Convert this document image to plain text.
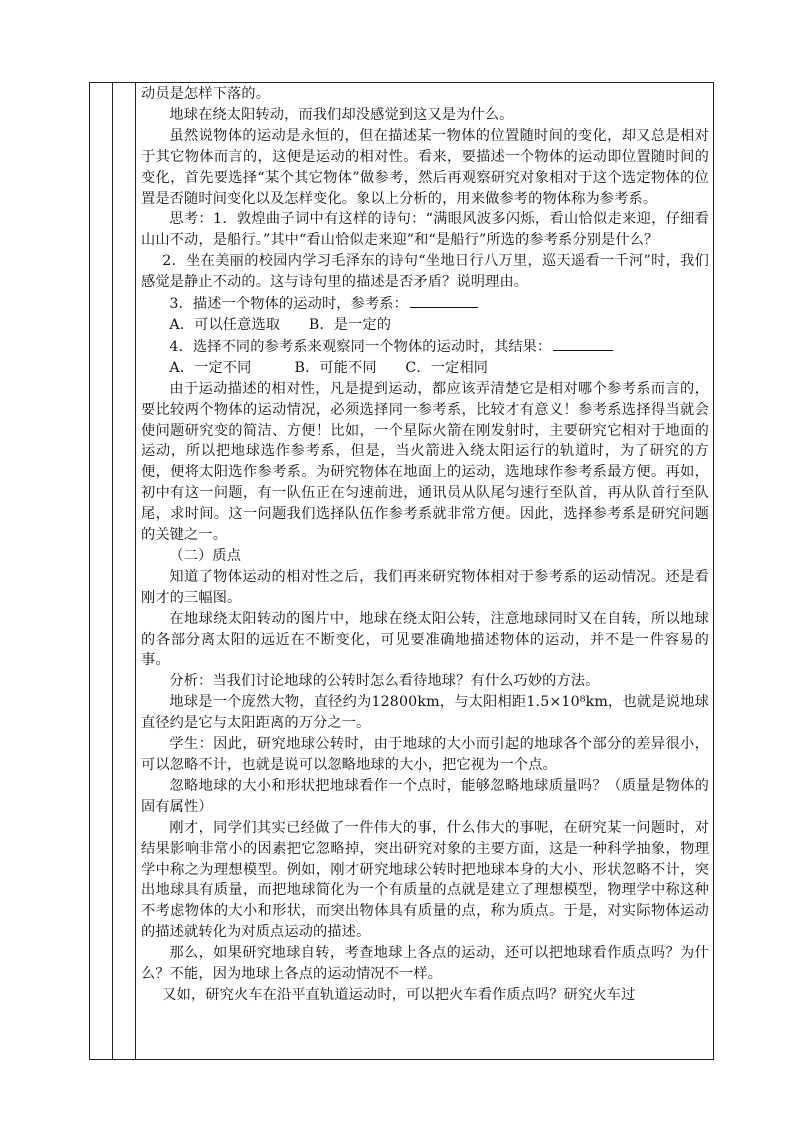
动员是怎样下落的。

地球在绕太阳转动，而我们却没感觉到这又是为什么。

虽然说物体的运动是永恒的，但在描述某一物体的位置随时间的变化，却又总是相对于其它物体而言的，这便是运动的相对性。看来，要描述一个物体的运动即位置随时间的变化，首先要选择“某个其它物体”做参考，然后再观察研究对象相对于这个选定物体的位置是否随时间变化以及怎样变化。象以上分析的，用来做参考的物体称为参考系。

思考：1．敦煌曲子词中有这样的诗句：“满眼风波多闪烁，看山恰似走来迎，仔细看山山不动，是船行。”其中“看山恰似走来迎”和“是船行”所选的参考系分别是什么？

2．坐在美丽的校园内学习毛泽东的诗句“坐地日行八万里，巡天遥看一千河”时，我们感觉是静止不动的。这与诗句里的描述是否矛盾？说明理由。

3．描述一个物体的运动时，参考系：

A．可以任意选取　　B．是一定的

4．选择不同的参考系来观察同一个物体的运动时，其结果：

A．一定不同　　　B．可能不同　　C．一定相同

由于运动描述的相对性，凡是提到运动，都应该弄清楚它是相对哪个参考系而言的，要比较两个物体的运动情况，必须选择同一参考系，比较才有意义！参考系选择得当就会使问题研究变的简洁、方便！比如，一个星际火箭在刚发射时，主要研究它相对于地面的运动，所以把地球选作参考系，但是，当火箭进入绕太阳运行的轨道时，为了研究的方便，便将太阳选作参考系。为研究物体在地面上的运动，选地球作参考系最方便。再如，初中有这一问题，有一队伍正在匀速前进，通讯员从队尾匀速行至队首，再从队首行至队尾，求时间。这一问题我们选择队伍作参考系就非常方便。因此，选择参考系是研究问题的关键之一。

（二）质点

知道了物体运动的相对性之后，我们再来研究物体相对于参考系的运动情况。还是看刚才的三幅图。

在地球绕太阳转动的图片中，地球在绕太阳公转，注意地球同时又在自转，所以地球的各部分离太阳的远近在不断变化，可见要准确地描述物体的运动，并不是一件容易的事。

分析：当我们讨论地球的公转时怎么看待地球？有什么巧妙的方法。

地球是一个庞然大物，直径约为12800km，与太阳相距1.5×10⁸km，也就是说地球直径约是它与太阳距离的万分之一。

学生：因此，研究地球公转时，由于地球的大小而引起的地球各个部分的差异很小，可以忽略不计，也就是说可以忽略地球的大小，把它视为一个点。

忽略地球的大小和形状把地球看作一个点时，能够忽略地球质量吗？（质量是物体的固有属性）

刚才，同学们其实已经做了一件伟大的事，什么伟大的事呢，在研究某一问题时，对结果影响非常小的因素把它忽略掉，突出研究对象的主要方面，这是一种科学抽象，物理学中称之为理想模型。例如，刚才研究地球公转时把地球本身的大小、形状忽略不计，突出地球具有质量，而把地球简化为一个有质量的点就是建立了理想模型，物理学中称这种不考虑物体的大小和形状，而突出物体具有质量的点，称为质点。于是，对实际物体运动的描述就转化为对质点运动的描述。

那么，如果研究地球自转，考查地球上各点的运动，还可以把地球看作质点吗？为什么？不能，因为地球上各点的运动情况不一样。

又如，研究火车在沿平直轨道运动时，可以把火车看作质点吗？研究火车过
